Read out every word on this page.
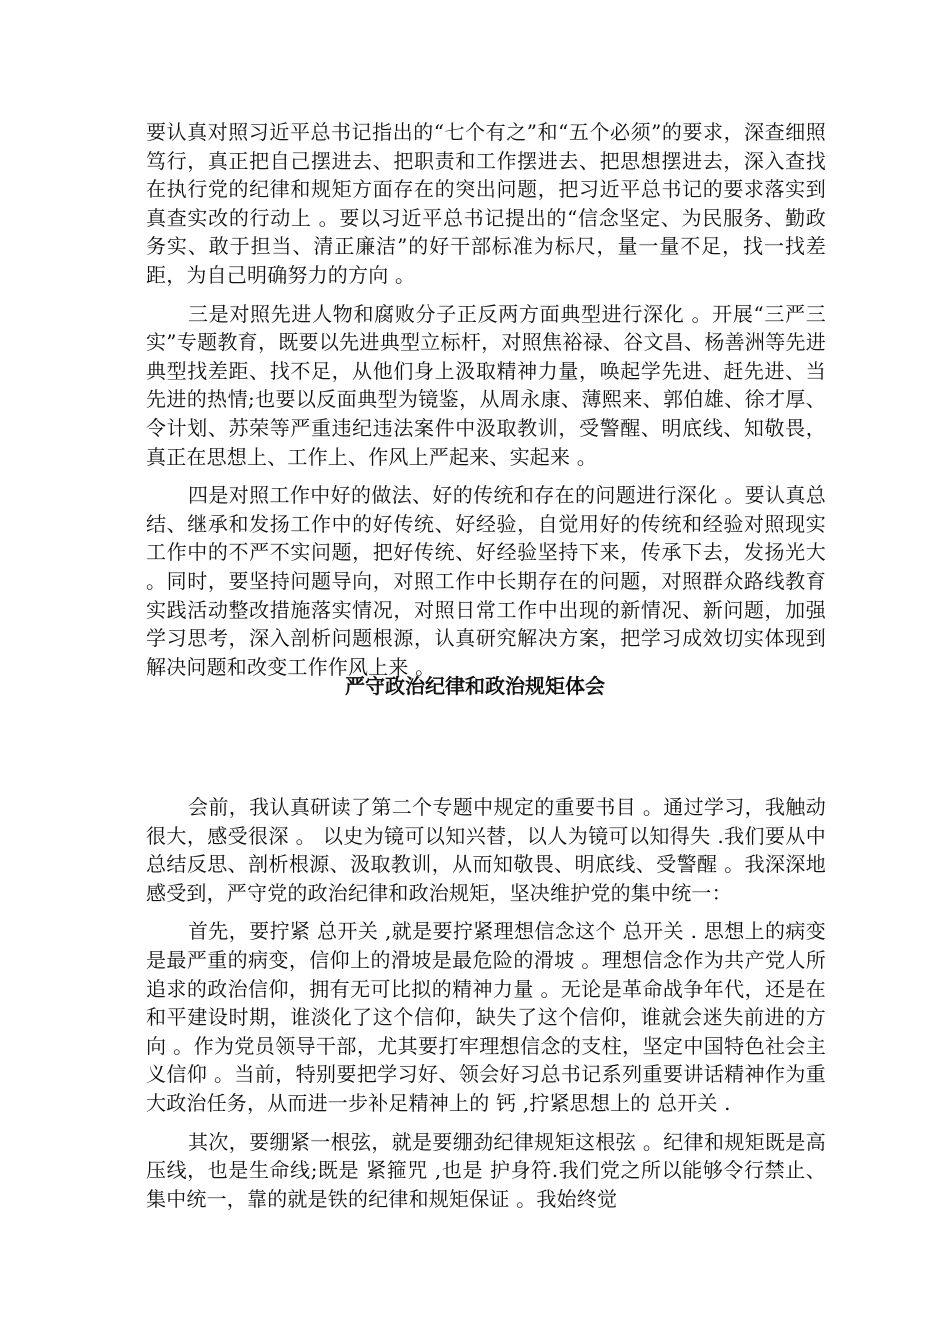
要认真对照习近平总书记指出的“七个有之”和“五个必须”的要求，深查细照笃行，真正把自己摆进去、把职责和工作摆进去、把思想摆进去，深入查找在执行党的纪律和规矩方面存在的突出问题，把习近平总书记的要求落实到真查实改的行动上 。要以习近平总书记提出的“信念坚定、为民服务、勤政务实、敢于担当、清正廉洁”的好干部标准为标尺，量一量不足，找一找差距，为自己明确努力的方向 。

三是对照先进人物和腐败分子正反两方面典型进行深化 。开展“三严三实”专题教育，既要以先进典型立标杆，对照焦裕禄、谷文昌、杨善洲等先进典型找差距、找不足，从他们身上汲取精神力量，唤起学先进、赶先进、当先进的热情;也要以反面典型为镜鉴，从周永康、薄熙来、郭伯雄、徐才厚、令计划、苏荣等严重违纪违法案件中汲取教训，受警醒、明底线、知敬畏，真正在思想上、工作上、作风上严起来、实起来 。

四是对照工作中好的做法、好的传统和存在的问题进行深化 。要认真总结、继承和发扬工作中的好传统、好经验，自觉用好的传统和经验对照现实工作中的不严不实问题，把好传统、好经验坚持下来，传承下去，发扬光大 。同时，要坚持问题导向，对照工作中长期存在的问题，对照群众路线教育实践活动整改措施落实情况，对照日常工作中出现的新情况、新问题，加强学习思考，深入剖析问题根源，认真研究解决方案，把学习成效切实体现到解决问题和改变工作作风上来 。

严守政治纪律和政治规矩体会

会前，我认真研读了第二个专题中规定的重要书目 。通过学习，我触动很大，感受很深 。 以史为镜可以知兴替，以人为镜可以知得失 .我们要从中总结反思、剖析根源、汲取教训，从而知敬畏、明底线、受警醒 。我深深地感受到，严守党的政治纪律和政治规矩，坚决维护党的集中统一：

首先，要拧紧 总开关 ,就是要拧紧理想信念这个 总开关 . 思想上的病变是最严重的病变，信仰上的滑坡是最危险的滑坡 。理想信念作为共产党人所追求的政治信仰，拥有无可比拟的精神力量 。无论是革命战争年代，还是在和平建设时期，谁淡化了这个信仰，缺失了这个信仰，谁就会迷失前进的方向 。作为党员领导干部，尤其要打牢理想信念的支柱，坚定中国特色社会主义信仰 。当前，特别要把学习好、领会好习总书记系列重要讲话精神作为重大政治任务，从而进一步补足精神上的 钙 ,拧紧思想上的 总开关 .

其次，要绷紧一根弦，就是要绷劲纪律规矩这根弦 。纪律和规矩既是高压线，也是生命线;既是 紧箍咒 ,也是 护身符.我们党之所以能够令行禁止、集中统一，靠的就是铁的纪律和规矩保证 。我始终觉
